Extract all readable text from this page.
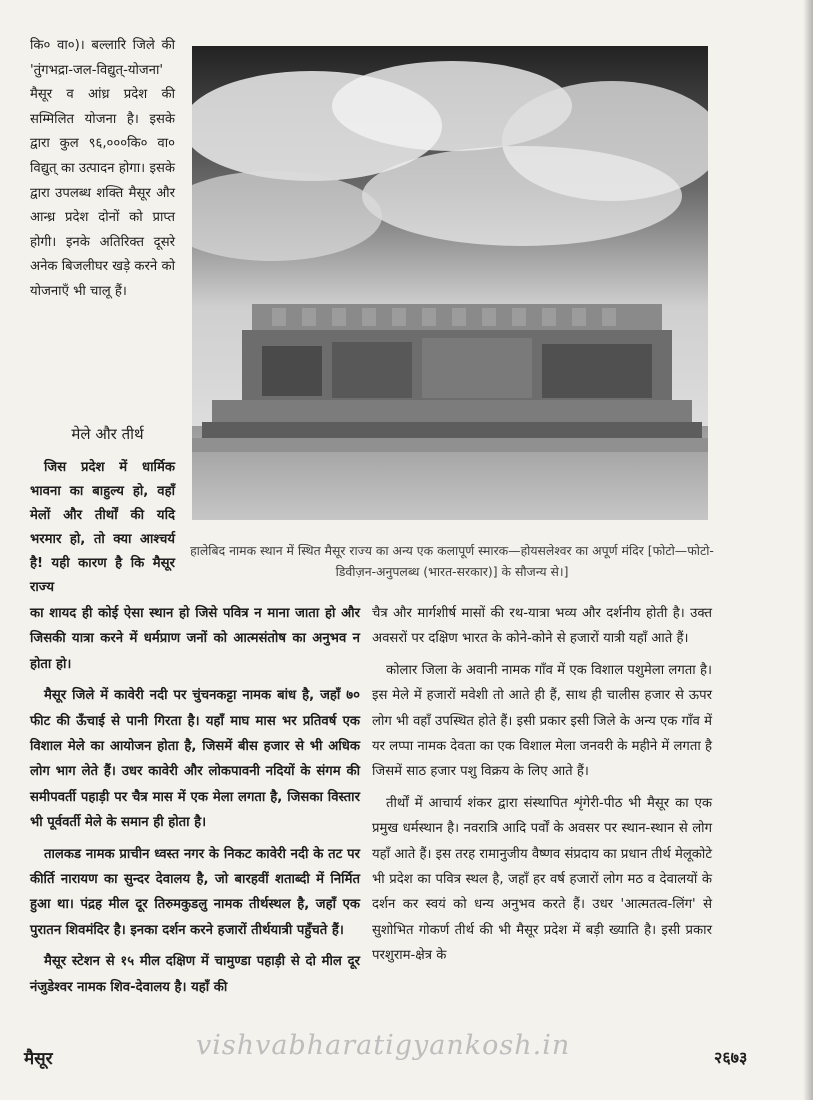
कि० वा०)। बल्लारि जिले की 'तुंगभद्रा-जल-विद्युत्-योजना' मैसूर व आंध्र प्रदेश की सम्मिलित योजना है। इसके द्वारा कुल ९६,०००कि० वा० विद्युत् का उत्पादन होगा। इसके द्वारा उपलब्ध शक्ति मैसूर और आन्ध्र प्रदेश दोनों को प्राप्त होगी। इनके अतिरिक्त दूसरे अनेक बिजलीघर खड़े करने को योजनाएँ भी चालू हैं।

मेले और तीर्थ
जिस प्रदेश में धार्मिक भावना का बाहुल्य हो, वहाँ मेलों और तीर्थों की यदि भरमार हो, तो क्या आश्चर्य है! यही कारण है कि मैसूर राज्य
हालेबिद नामक स्थान में स्थित मैसूर राज्य का अन्य एक कलापूर्ण स्मारक—होयसलेश्वर का अपूर्ण मंदिर [फोटो—फोटो-डिवीज़न-अनुपलब्ध (भारत-सरकार)] के सौजन्य से।]

का शायद ही कोई ऐसा स्थान हो जिसे पवित्र न माना जाता हो और जिसकी यात्रा करने में धर्मप्राण जनों को आत्मसंतोष का अनुभव न होता हो।

मैसूर जिले में कावेरी नदी पर चुंचनकट्टा नामक बांध है, जहाँ ७० फीट की ऊँचाई से पानी गिरता है। यहाँ माघ मास भर प्रतिवर्ष एक विशाल मेले का आयोजन होता है, जिसमें बीस हजार से भी अधिक लोग भाग लेते हैं। उधर कावेरी और लोकपावनी नदियों के संगम की समीपवर्ती पहाड़ी पर चैत्र मास में एक मेला लगता है, जिसका विस्तार भी पूर्ववर्ती मेले के समान ही होता है।

तालकड नामक प्राचीन ध्वस्त नगर के निकट कावेरी नदी के तट पर कीर्ति नारायण का सुन्दर देवालय है, जो बारहवीं शताब्दी में निर्मित हुआ था। पंद्रह मील दूर तिरुमकुडलु नामक तीर्थस्थल है, जहाँ एक पुरातन शिवमंदिर है। इनका दर्शन करने हजारों तीर्थयात्री पहुँचते हैं।

मैसूर स्टेशन से १५ मील दक्षिण में चामुण्डा पहाड़ी से दो मील दूर नंजुडेश्वर नामक शिव-देवालय है। यहाँ की

चैत्र और मार्गशीर्ष मासों की रथ-यात्रा भव्य और दर्शनीय होती है। उक्त अवसरों पर दक्षिण भारत के कोने-कोने से हजारों यात्री यहाँ आते हैं।

कोलार जिला के अवानी नामक गाँव में एक विशाल पशुमेला लगता है। इस मेले में हजारों मवेशी तो आते ही हैं, साथ ही चालीस हजार से ऊपर लोग भी वहाँ उपस्थित होते हैं। इसी प्रकार इसी जिले के अन्य एक गाँव में यर लप्पा नामक देवता का एक विशाल मेला जनवरी के महीने में लगता है जिसमें साठ हजार पशु विक्रय के लिए आते हैं।

तीर्थों में आचार्य शंकर द्वारा संस्थापित शृंगेरी-पीठ भी मैसूर का एक प्रमुख धर्मस्थान है। नवरात्रि आदि पर्वों के अवसर पर स्थान-स्थान से लोग यहाँ आते हैं। इस तरह रामानुजीय वैष्णव संप्रदाय का प्रधान तीर्थ मेलूकोटे भी प्रदेश का पवित्र स्थल है, जहाँ हर वर्ष हजारों लोग मठ व देवालयों के दर्शन कर स्वयं को धन्य अनुभव करते हैं। उधर 'आत्मतत्व-लिंग' से सुशोभित गोकर्ण तीर्थ की भी मैसूर प्रदेश में बड़ी ख्याति है। इसी प्रकार परशुराम-क्षेत्र के

मैसूर	vishvabharatigyankosh.in	२६७३
